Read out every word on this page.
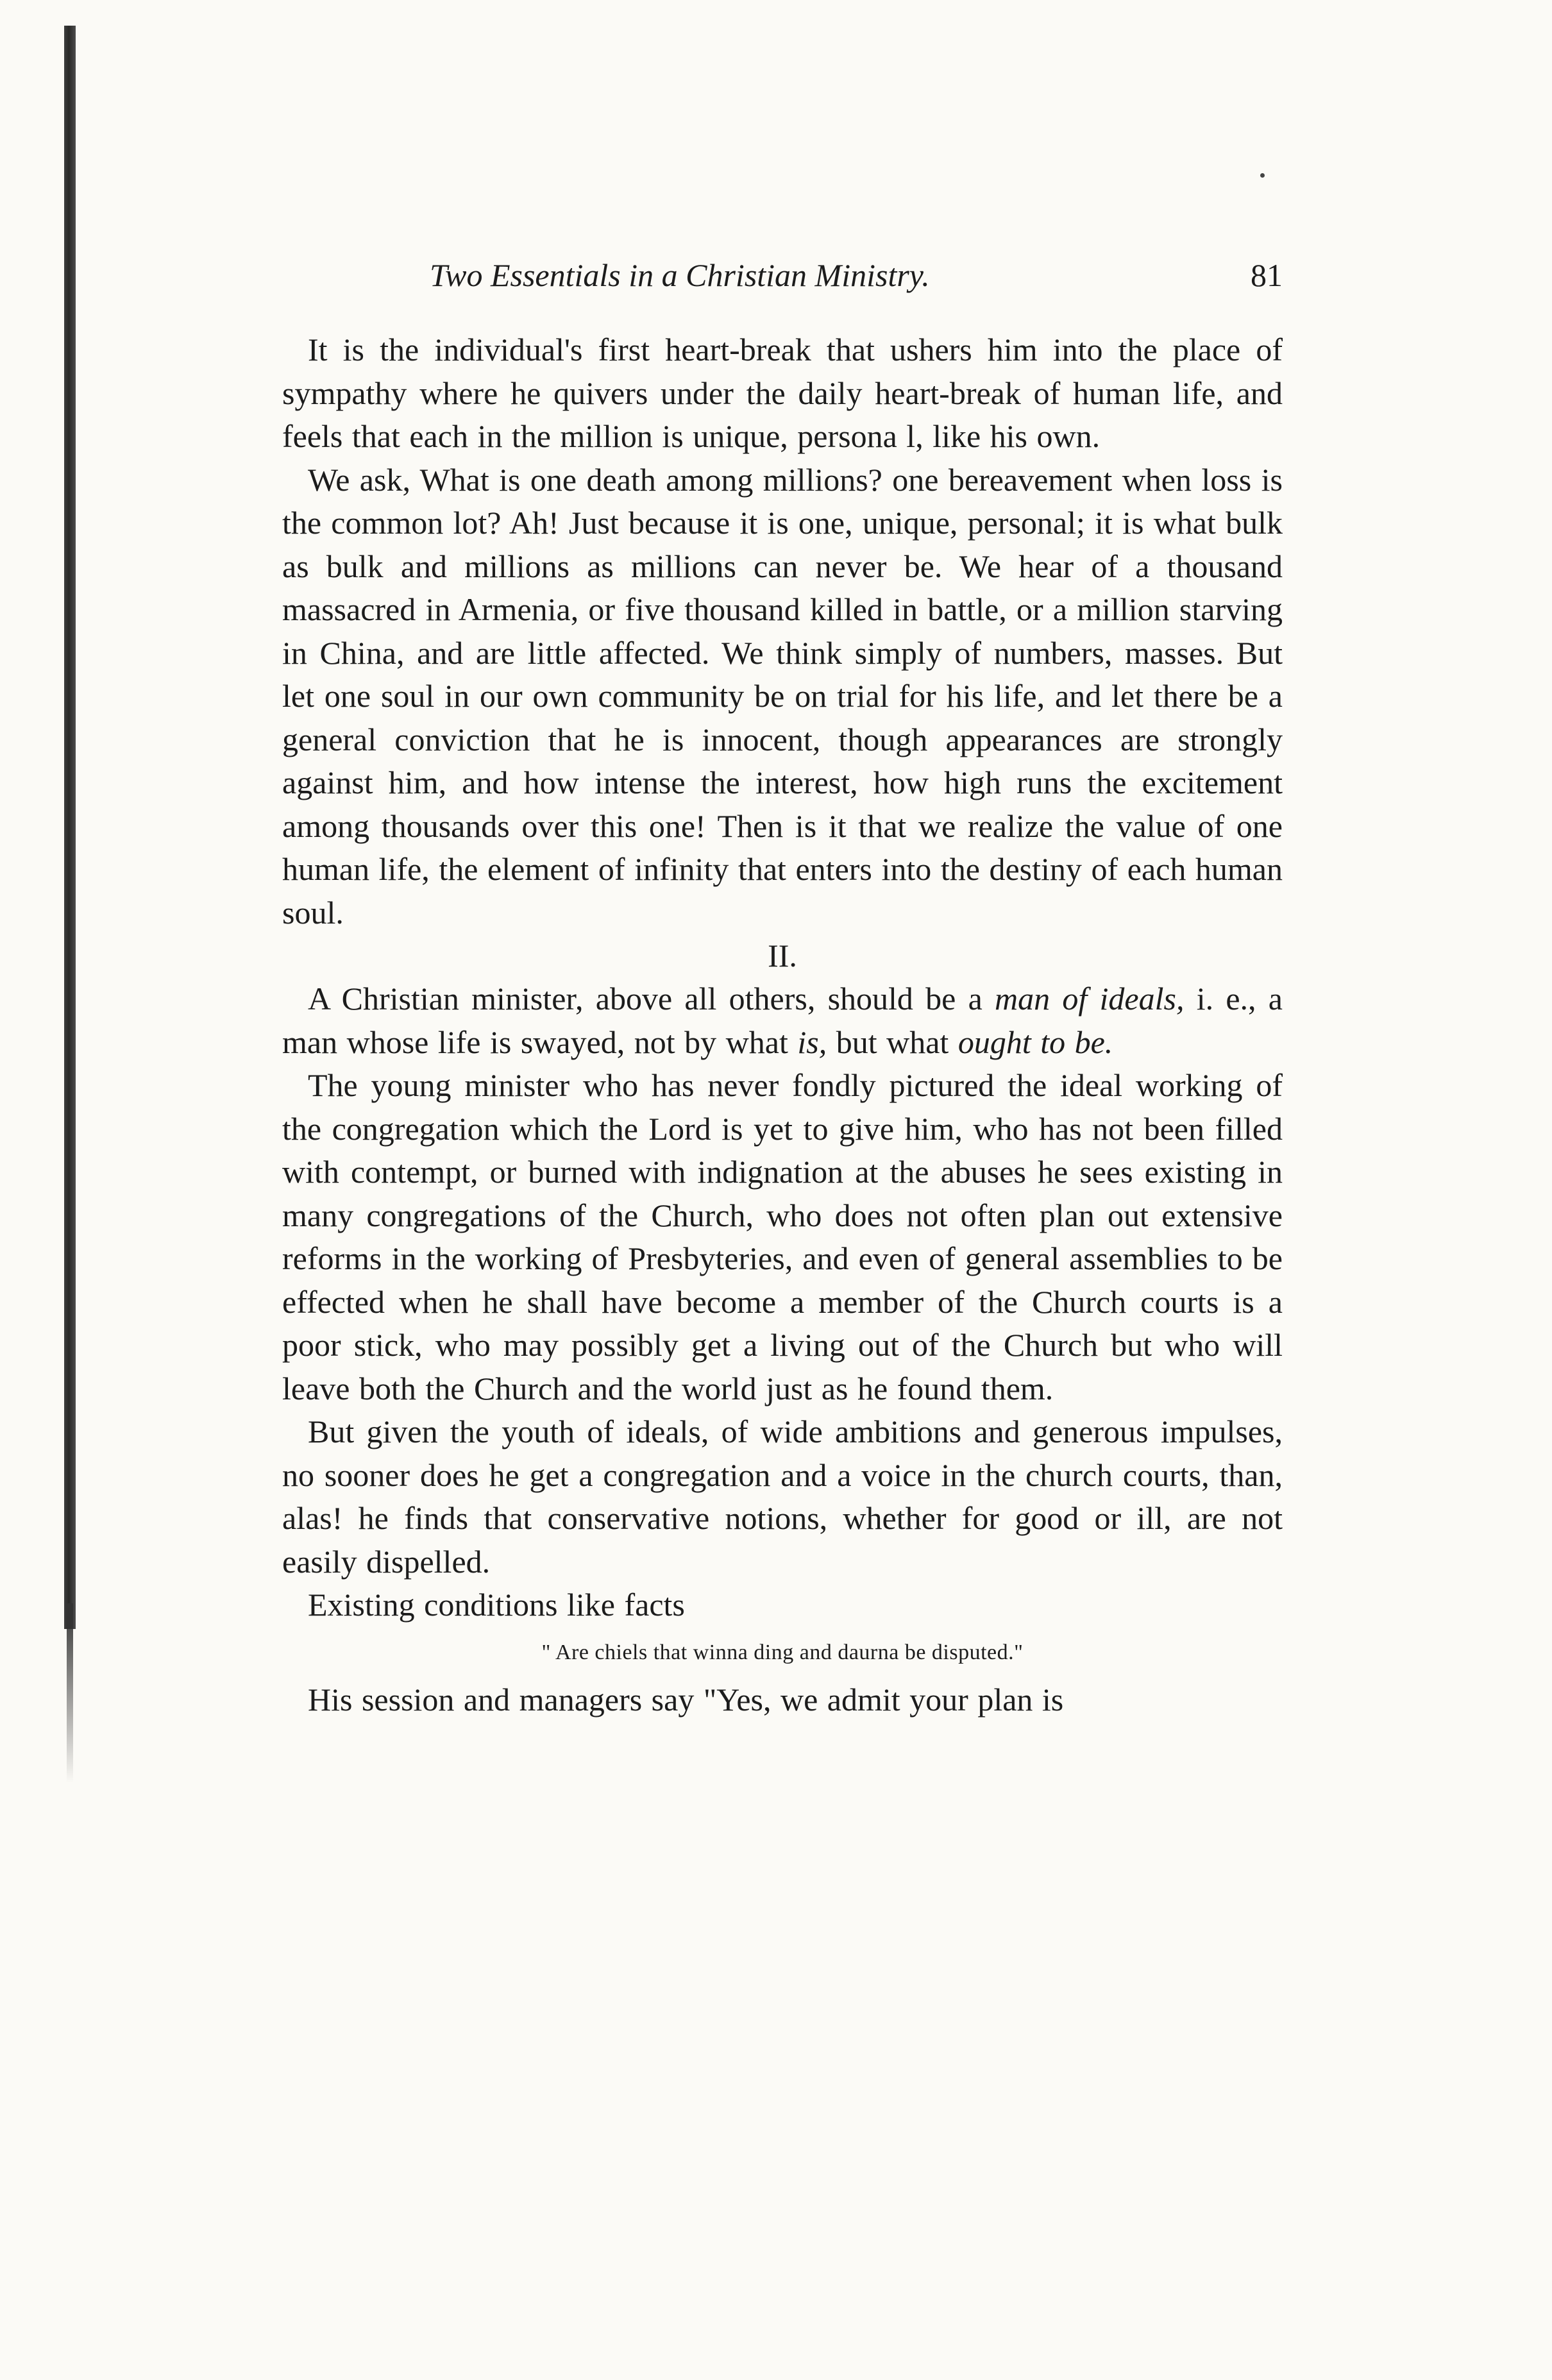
Two Essentials in a Christian Ministry.	81

It is the individual's first heart-break that ushers him into the place of sympathy where he quivers under the daily heart-break of human life, and feels that each in the million is unique, persona l, like his own.

We ask, What is one death among millions? one bereavement when loss is the common lot? Ah! Just because it is one, unique, personal; it is what bulk as bulk and millions as millions can never be. We hear of a thousand massacred in Armenia, or five thousand killed in battle, or a million starving in China, and are little affected. We think simply of numbers, masses. But let one soul in our own community be on trial for his life, and let there be a general conviction that he is innocent, though appearances are strongly against him, and how intense the interest, how high runs the excitement among thousands over this one! Then is it that we realize the value of one human life, the element of infinity that enters into the destiny of each human soul.

II.

A Christian minister, above all others, should be a man of ideals, i. e., a man whose life is swayed, not by what is, but what ought to be.

The young minister who has never fondly pictured the ideal working of the congregation which the Lord is yet to give him, who has not been filled with contempt, or burned with indignation at the abuses he sees existing in many congregations of the Church, who does not often plan out extensive reforms in the working of Presbyteries, and even of general assemblies to be effected when he shall have become a member of the Church courts is a poor stick, who may possibly get a living out of the Church but who will leave both the Church and the world just as he found them.

But given the youth of ideals, of wide ambitions and generous impulses, no sooner does he get a congregation and a voice in the church courts, than, alas! he finds that conservative notions, whether for good or ill, are not easily dispelled.

Existing conditions like facts

" Are chiels that winna ding and daurna be disputed."

His session and managers say "Yes, we admit your plan is
